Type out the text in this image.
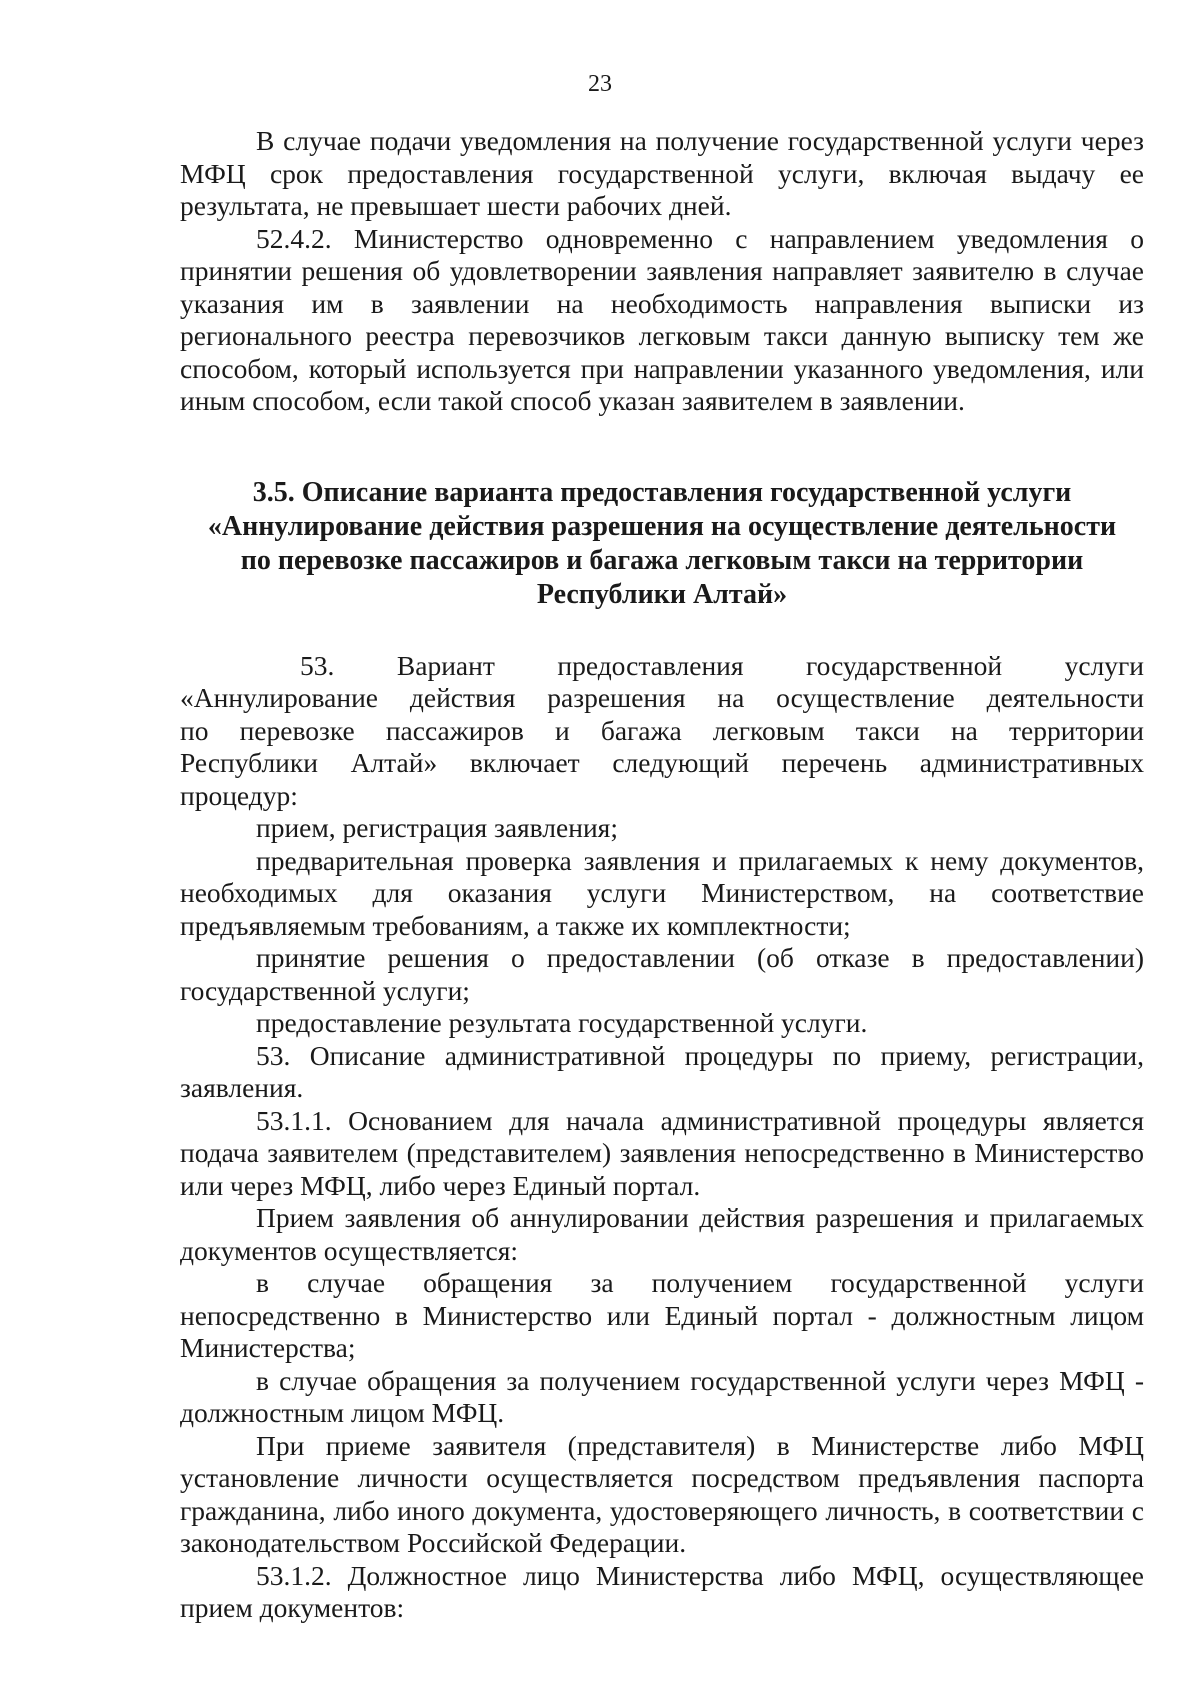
23

В случае подачи уведомления на получение государственной услуги через МФЦ срок предоставления государственной услуги, включая выдачу ее результата, не превышает шести рабочих дней.

52.4.2. Министерство одновременно с направлением уведомления о принятии решения об удовлетворении заявления направляет заявителю в случае указания им в заявлении на необходимость направления выписки из регионального реестра перевозчиков легковым такси данную выписку тем же способом, который используется при направлении указанного уведомления, или иным способом, если такой способ указан заявителем в заявлении.

3.5. Описание варианта предоставления государственной услуги
«Аннулирование действия разрешения на осуществление деятельности
по перевозке пассажиров и багажа легковым такси на территории
Республики Алтай»

53. Вариант предоставления государственной услуги «Аннулирование действия разрешения на осуществление деятельности по перевозке пассажиров и багажа легковым такси на территории Республики Алтай» включает следующий перечень административных процедур:

прием, регистрация заявления;

предварительная проверка заявления и прилагаемых к нему документов, необходимых для оказания услуги Министерством, на соответствие предъявляемым требованиям, а также их комплектности;

принятие решения о предоставлении (об отказе в предоставлении) государственной услуги;

предоставление результата государственной услуги.

53. Описание административной процедуры по приему, регистрации, заявления.

53.1.1. Основанием для начала административной процедуры является подача заявителем (представителем) заявления непосредственно в Министерство или через МФЦ, либо через Единый портал.

Прием заявления об аннулировании действия разрешения и прилагаемых документов осуществляется:

в случае обращения за получением государственной услуги непосредственно в Министерство или Единый портал - должностным лицом Министерства;

в случае обращения за получением государственной услуги через МФЦ - должностным лицом МФЦ.

При приеме заявителя (представителя) в Министерстве либо МФЦ установление личности осуществляется посредством предъявления паспорта гражданина, либо иного документа, удостоверяющего личность, в соответствии с законодательством Российской Федерации.

53.1.2. Должностное лицо Министерства либо МФЦ, осуществляющее прием документов:
